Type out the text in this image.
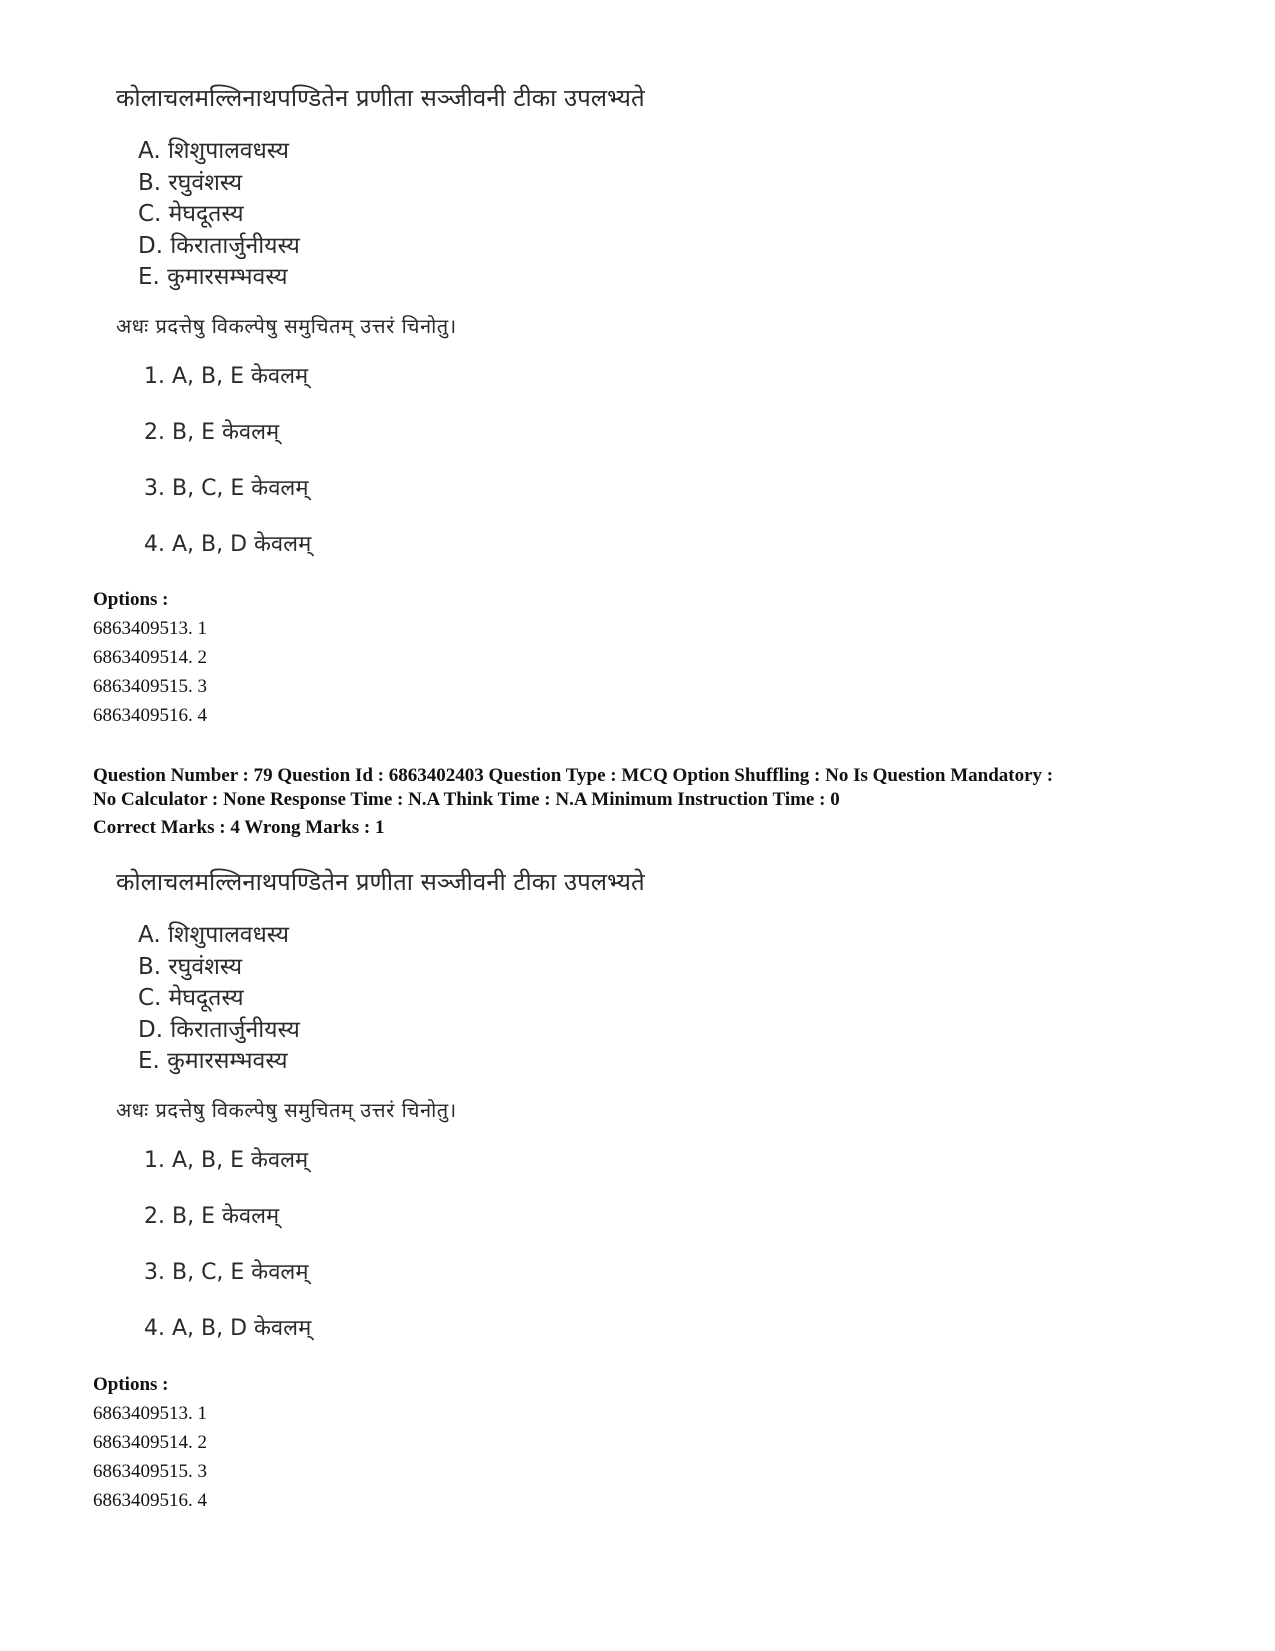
कोलाचलमल्लिनाथपण्डितेन प्रणीता सञ्जीवनी टीका उपलभ्यते

A. शिशुपालवधस्य
B. रघुवंशस्य
C. मेघदूतस्य
D. किरातार्जुनीयस्य
E. कुमारसम्भवस्य

अधः प्रदत्तेषु विकल्पेषु समुचितम् उत्तरं चिनोतु।

1. A, B, E केवलम्
2. B, E केवलम्
3. B, C, E केवलम्
4. A, B, D केवलम्
Options :
6863409513. 1
6863409514. 2
6863409515. 3
6863409516. 4
Question Number : 79 Question Id : 6863402403 Question Type : MCQ Option Shuffling : No Is Question Mandatory :
No Calculator : None Response Time : N.A Think Time : N.A Minimum Instruction Time : 0
Correct Marks : 4 Wrong Marks : 1

कोलाचलमल्लिनाथपण्डितेन प्रणीता सञ्जीवनी टीका उपलभ्यते

A. शिशुपालवधस्य
B. रघुवंशस्य
C. मेघदूतस्य
D. किरातार्जुनीयस्य
E. कुमारसम्भवस्य

अधः प्रदत्तेषु विकल्पेषु समुचितम् उत्तरं चिनोतु।

1. A, B, E केवलम्
2. B, E केवलम्
3. B, C, E केवलम्
4. A, B, D केवलम्
Options :
6863409513. 1
6863409514. 2
6863409515. 3
6863409516. 4
